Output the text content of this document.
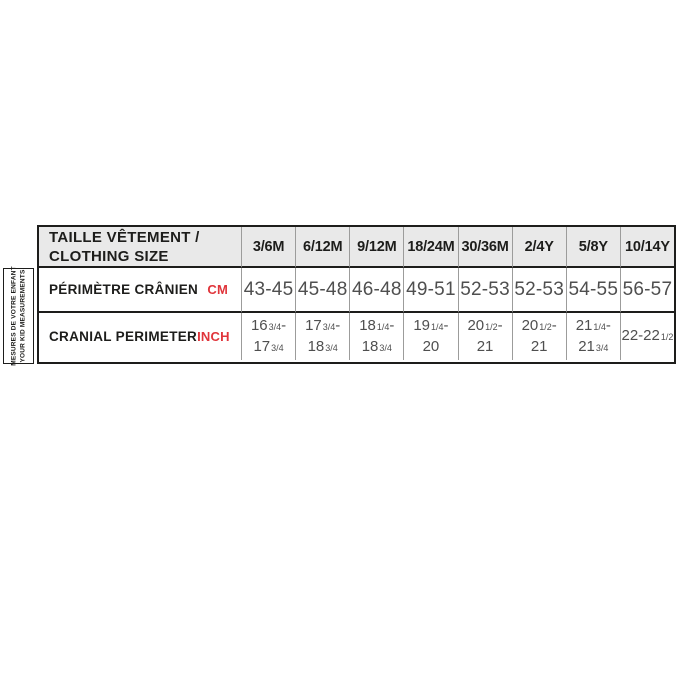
MESURES DE VOTRE ENFANT YOUR KID MEASUREMENTS
TAILLE VÊTEMENT /
CLOTHING SIZE
3/6M 6/12M 9/12M 18/24M 30/36M 2/4Y 5/8Y 10/14Y
PÉRIMÈTRE CRÂNIEN CM 43-45 45-48 46-48 49-51 52-53 52-53 54-55 56-57
CRANIAL PERIMETER INCH
163/4-
173/4
173/4-
183/4
181/4-
183/4
191/4-
20
201/2-
21
201/2-
21
211/4-
213/4
22-221/2
